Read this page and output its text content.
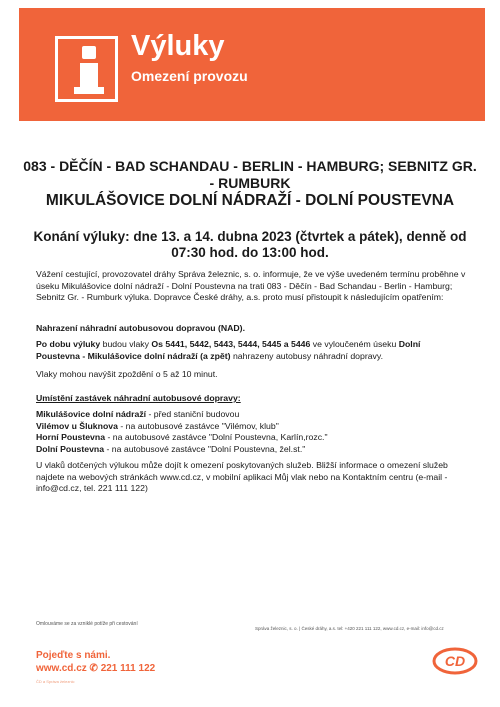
Výluky
Omezení provozu
083 - DĚČÍN - BAD SCHANDAU - BERLIN - HAMBURG; SEBNITZ GR. - RUMBURK
MIKULÁŠOVICE DOLNÍ NÁDRAŽÍ - DOLNÍ POUSTEVNA
Konání výluky: dne 13. a 14. dubna 2023 (čtvrtek a pátek), denně od 07:30 hod. do 13:00 hod.
Vážení cestující, provozovatel dráhy Správa železnic, s. o. informuje, že ve výše uvedeném termínu proběhne v úseku Mikulášovice dolní nádraží - Dolní Poustevna na trati 083 - Děčín - Bad Schandau - Berlin - Hamburg; Sebnitz Gr. - Rumburk výluka. Dopravce České dráhy, a.s. proto musí přistoupit k následujícím opatřením:
Nahrazení náhradní autobusovou dopravou (NAD).
Po dobu výluky budou vlaky Os 5441, 5442, 5443, 5444, 5445 a 5446 ve vyloučeném úseku Dolní Poustevna - Mikulášovice dolní nádraží (a zpět) nahrazeny autobusy náhradní dopravy.
Vlaky mohou navýšit zpoždění o 5 až 10 minut.
Umístění zastávek náhradní autobusové dopravy:
Mikulášovice dolní nádraží - před staniční budovou
Vilémov u Šluknova - na autobusové zastávce "Vilémov, klub"
Horní Poustevna - na autobusové zastávce "Dolní Poustevna, Karlín,rozc."
Dolní Poustevna - na autobusové zastávce "Dolní Poustevna, žel.st."
U vlaků dotčených výlukou může dojít k omezení poskytovaných služeb. Bližší informace o omezení služeb najdete na webových stránkách www.cd.cz, v mobilní aplikaci Můj vlak nebo na Kontaktním centru (e-mail - info@cd.cz, tel. 221 111 122)
Omlouváme se za vzniklé potíže při cestování
Správa železnic, s. o. | České dráhy, a.s. tel: +420 221 111 122, www.cd.cz, e-mail: info@cd.cz
Pojeďte s námi.
www.cd.cz ✆ 221 111 122
ČD a Správa železnic
CD
